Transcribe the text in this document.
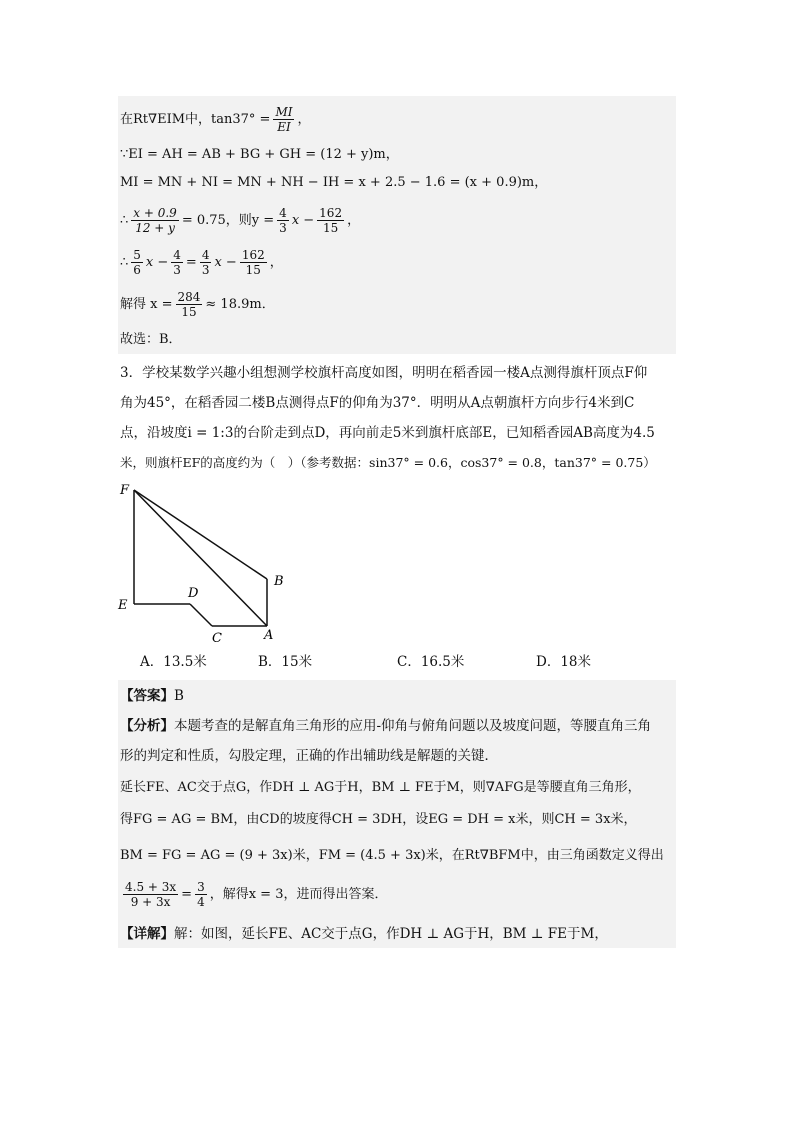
在Rt∇EIM中，$\tan 37^\circ = \frac{MI}{EI}$ ，
∵EI = AH = AB + BG + GH = (12 + y)m，
MI = MN + NI = MN + NH − IH = x + 2.5 − 1.6 = (x + 0.9)m，
∴ $\frac{x + 0.9}{12 + y} = 0.75$，则$y = \frac{4}{3}$ $x - \frac{162}{15}$ ，
∴ $\frac{5}{6}$ $x - \frac{4}{3} = \frac{4}{3}$ $x - \frac{162}{15}$ ，
解得 $x = \frac{284}{15} \approx 18.9m$．
故选：B．
3．学校某数学兴趣小组想测学校旗杆高度如图，明明在稻香园一楼A点测得旗杆顶点F仰
角为45°，在稻香园二楼B点测得点F的仰角为37°．明明从A点朝旗杆方向步行4米到C
点，沿坡度i = 1:3的台阶走到点D，再向前走5米到旗杆底部E，已知稻香园AB高度为4.5
米，则旗杆EF的高度约为（　）（参考数据：sin37° = 0.6，cos37° = 0.8，tan37° = 0.75）
F
E
D
C	A
B
A．13.5米	B．15米	C．16.5米	D．18米
【答案】B
【分析】本题考查的是解直角三角形的应用-仰角与俯角问题以及坡度问题，等腰直角三角
形的判定和性质，勾股定理，正确的作出辅助线是解题的关键．
延长FE、AC交于点G，作DH ⊥ AG于H，BM ⊥ FE于M，则∇AFG是等腰直角三角形，
得FG = AG = BM，由CD的坡度得CH = 3DH，设EG = DH = x米，则CH = 3x米，
BM = FG = AG = (9 + 3x)米，FM = (4.5 + 3x)米，在Rt∇BFM中，由三角函数定义得出
$\frac{4.5 + 3x}{9 + 3x} = \frac{3}{4}$ ，解得x = 3，进而得出答案．
【详解】解：如图，延长FE、AC交于点G，作DH ⊥ AG于H，BM ⊥ FE于M，
